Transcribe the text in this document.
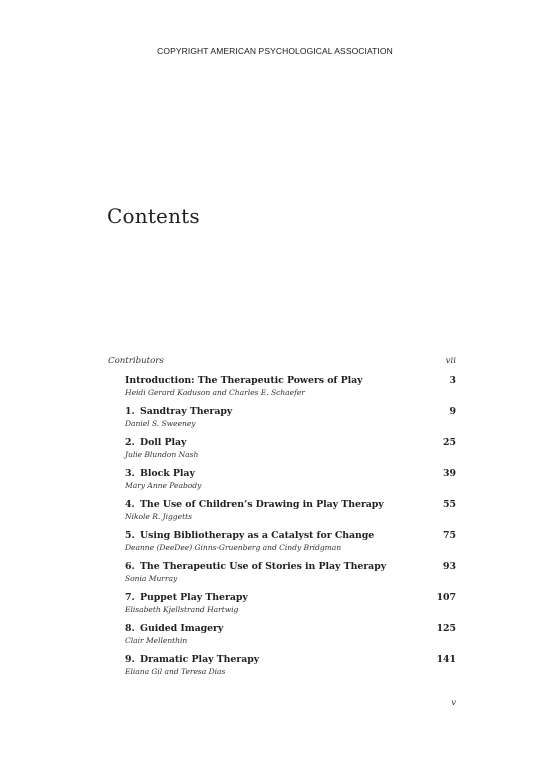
COPYRIGHT AMERICAN PSYCHOLOGICAL ASSOCIATION
Contents
Contributors	vii
Introduction: The Therapeutic Powers of Play	3
Heidi Gerard Kaduson and Charles E. Schaefer
1. Sandtray Therapy	9
Daniel S. Sweeney
2. Doll Play	25
Julie Blundon Nash
3. Block Play	39
Mary Anne Peabody
4. The Use of Children’s Drawing in Play Therapy	55
Nikole R. Jiggetts
5. Using Bibliotherapy as a Catalyst for Change	75
Deanne (DeeDee) Ginns-Gruenberg and Cindy Bridgman
6. The Therapeutic Use of Stories in Play Therapy	93
Sonia Murray
7. Puppet Play Therapy	107
Elisabeth Kjellstrand Hartwig
8. Guided Imagery	125
Clair Mellenthin
9. Dramatic Play Therapy	141
Eliana Gil and Teresa Dias
v
